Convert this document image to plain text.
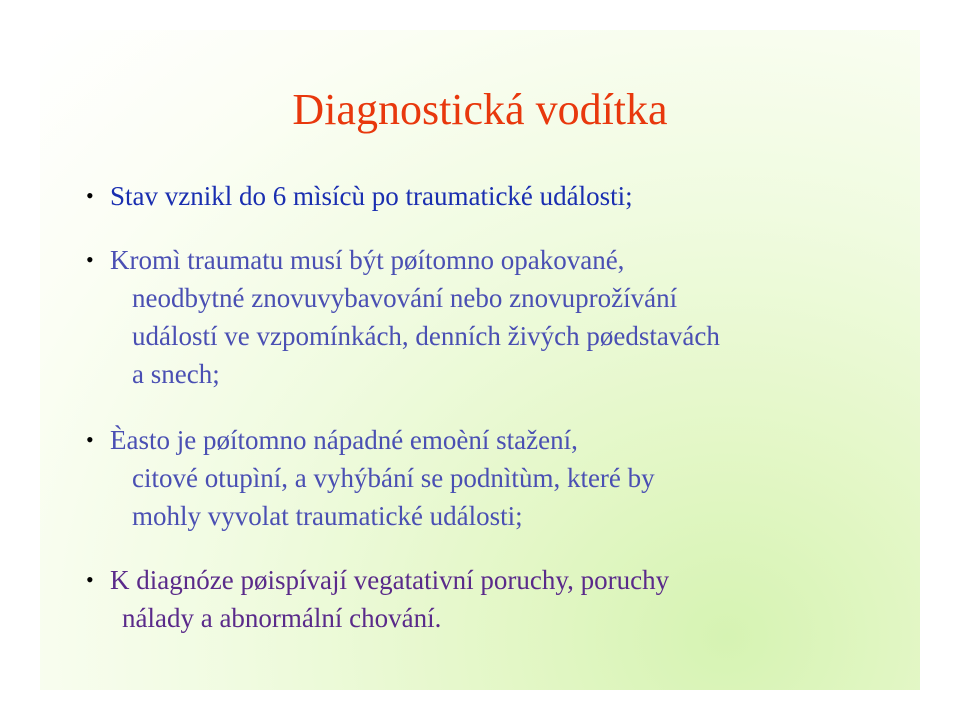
Diagnostická vodítka
• Stav vznikl do 6 mìsícù po traumatické události;
• Kromì traumatu musí být pøítomno opakované,
neodbytné znovuvybavování nebo znovuprožívání
událostí ve vzpomínkách, denních živých pøedstavách
a snech;
• Èasto je pøítomno nápadné emoèní stažení,
citové otupìní, a vyhýbání se podnìtùm, které by
mohly vyvolat traumatické události;
• K diagnóze pøispívají vegatativní poruchy, poruchy
nálady a abnormální chování.
